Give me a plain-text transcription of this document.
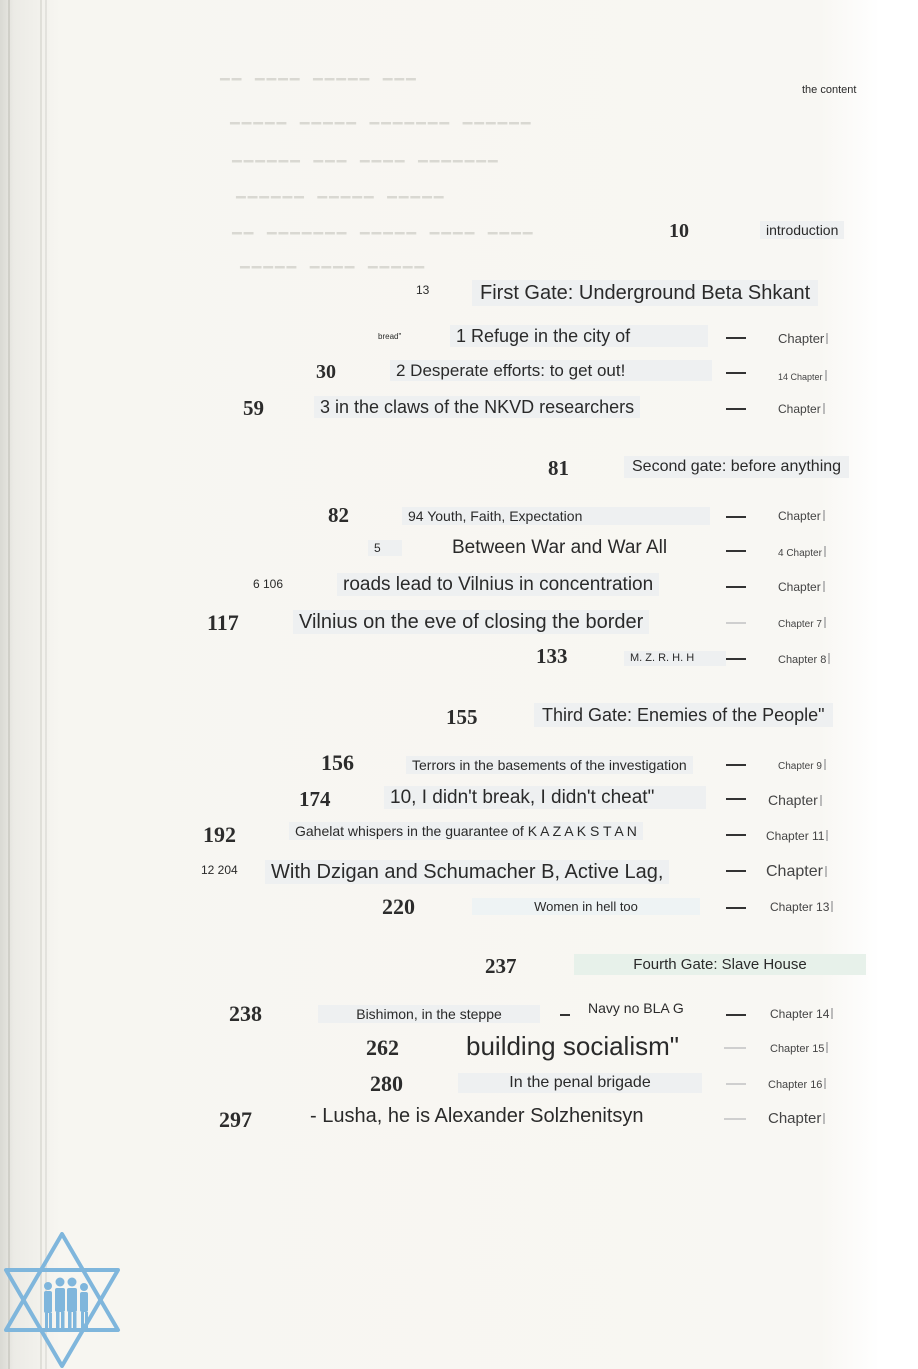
▔▔ ▔▔▔▔ ▔▔▔▔▔ ▔▔▔
▔▔▔▔▔ ▔▔▔▔▔ ▔▔▔▔▔▔▔ ▔▔▔▔▔▔
▔▔▔▔▔▔ ▔▔▔ ▔▔▔▔ ▔▔▔▔▔▔▔
▔▔▔▔▔▔ ▔▔▔▔▔ ▔▔▔▔▔
▔▔ ▔▔▔▔▔▔▔ ▔▔▔▔▔ ▔▔▔▔ ▔▔▔▔
▔▔▔▔▔ ▔▔▔▔ ▔▔▔▔▔
the content
10	introduction
13	First Gate: Underground Beta Shkant
bread"	1 Refuge in the city of	Chapter
30	2 Desperate efforts: to get out!	14 Chapter
59	3 in the claws of the NKVD researchers	Chapter
81	Second gate: before anything
82	94 Youth, Faith, Expectation	Chapter
5	Between War and War All	4 Chapter
6 106	roads lead to Vilnius in concentration	Chapter
117	Vilnius on the eve of closing the border	Chapter 7
133	M. Z. R. H. H	Chapter 8
155	Third Gate: Enemies of the People"
156	Terrors in the basements of the investigation	Chapter 9
174	10, I didn't break, I didn't cheat"	Chapter
192	Gahelat whispers in the guarantee of K A Z A K S T A N	Chapter 11
12 204	With Dzigan and Schumacher B, Active Lag,	Chapter
220	Women in hell too	Chapter 13
237	Fourth Gate: Slave House
238	Bishimon, in the steppe	Navy no BLA G	Chapter 14
262	building socialism"	Chapter 15
280	In the penal brigade	Chapter 16
297	- Lusha, he is Alexander Solzhenitsyn	Chapter
